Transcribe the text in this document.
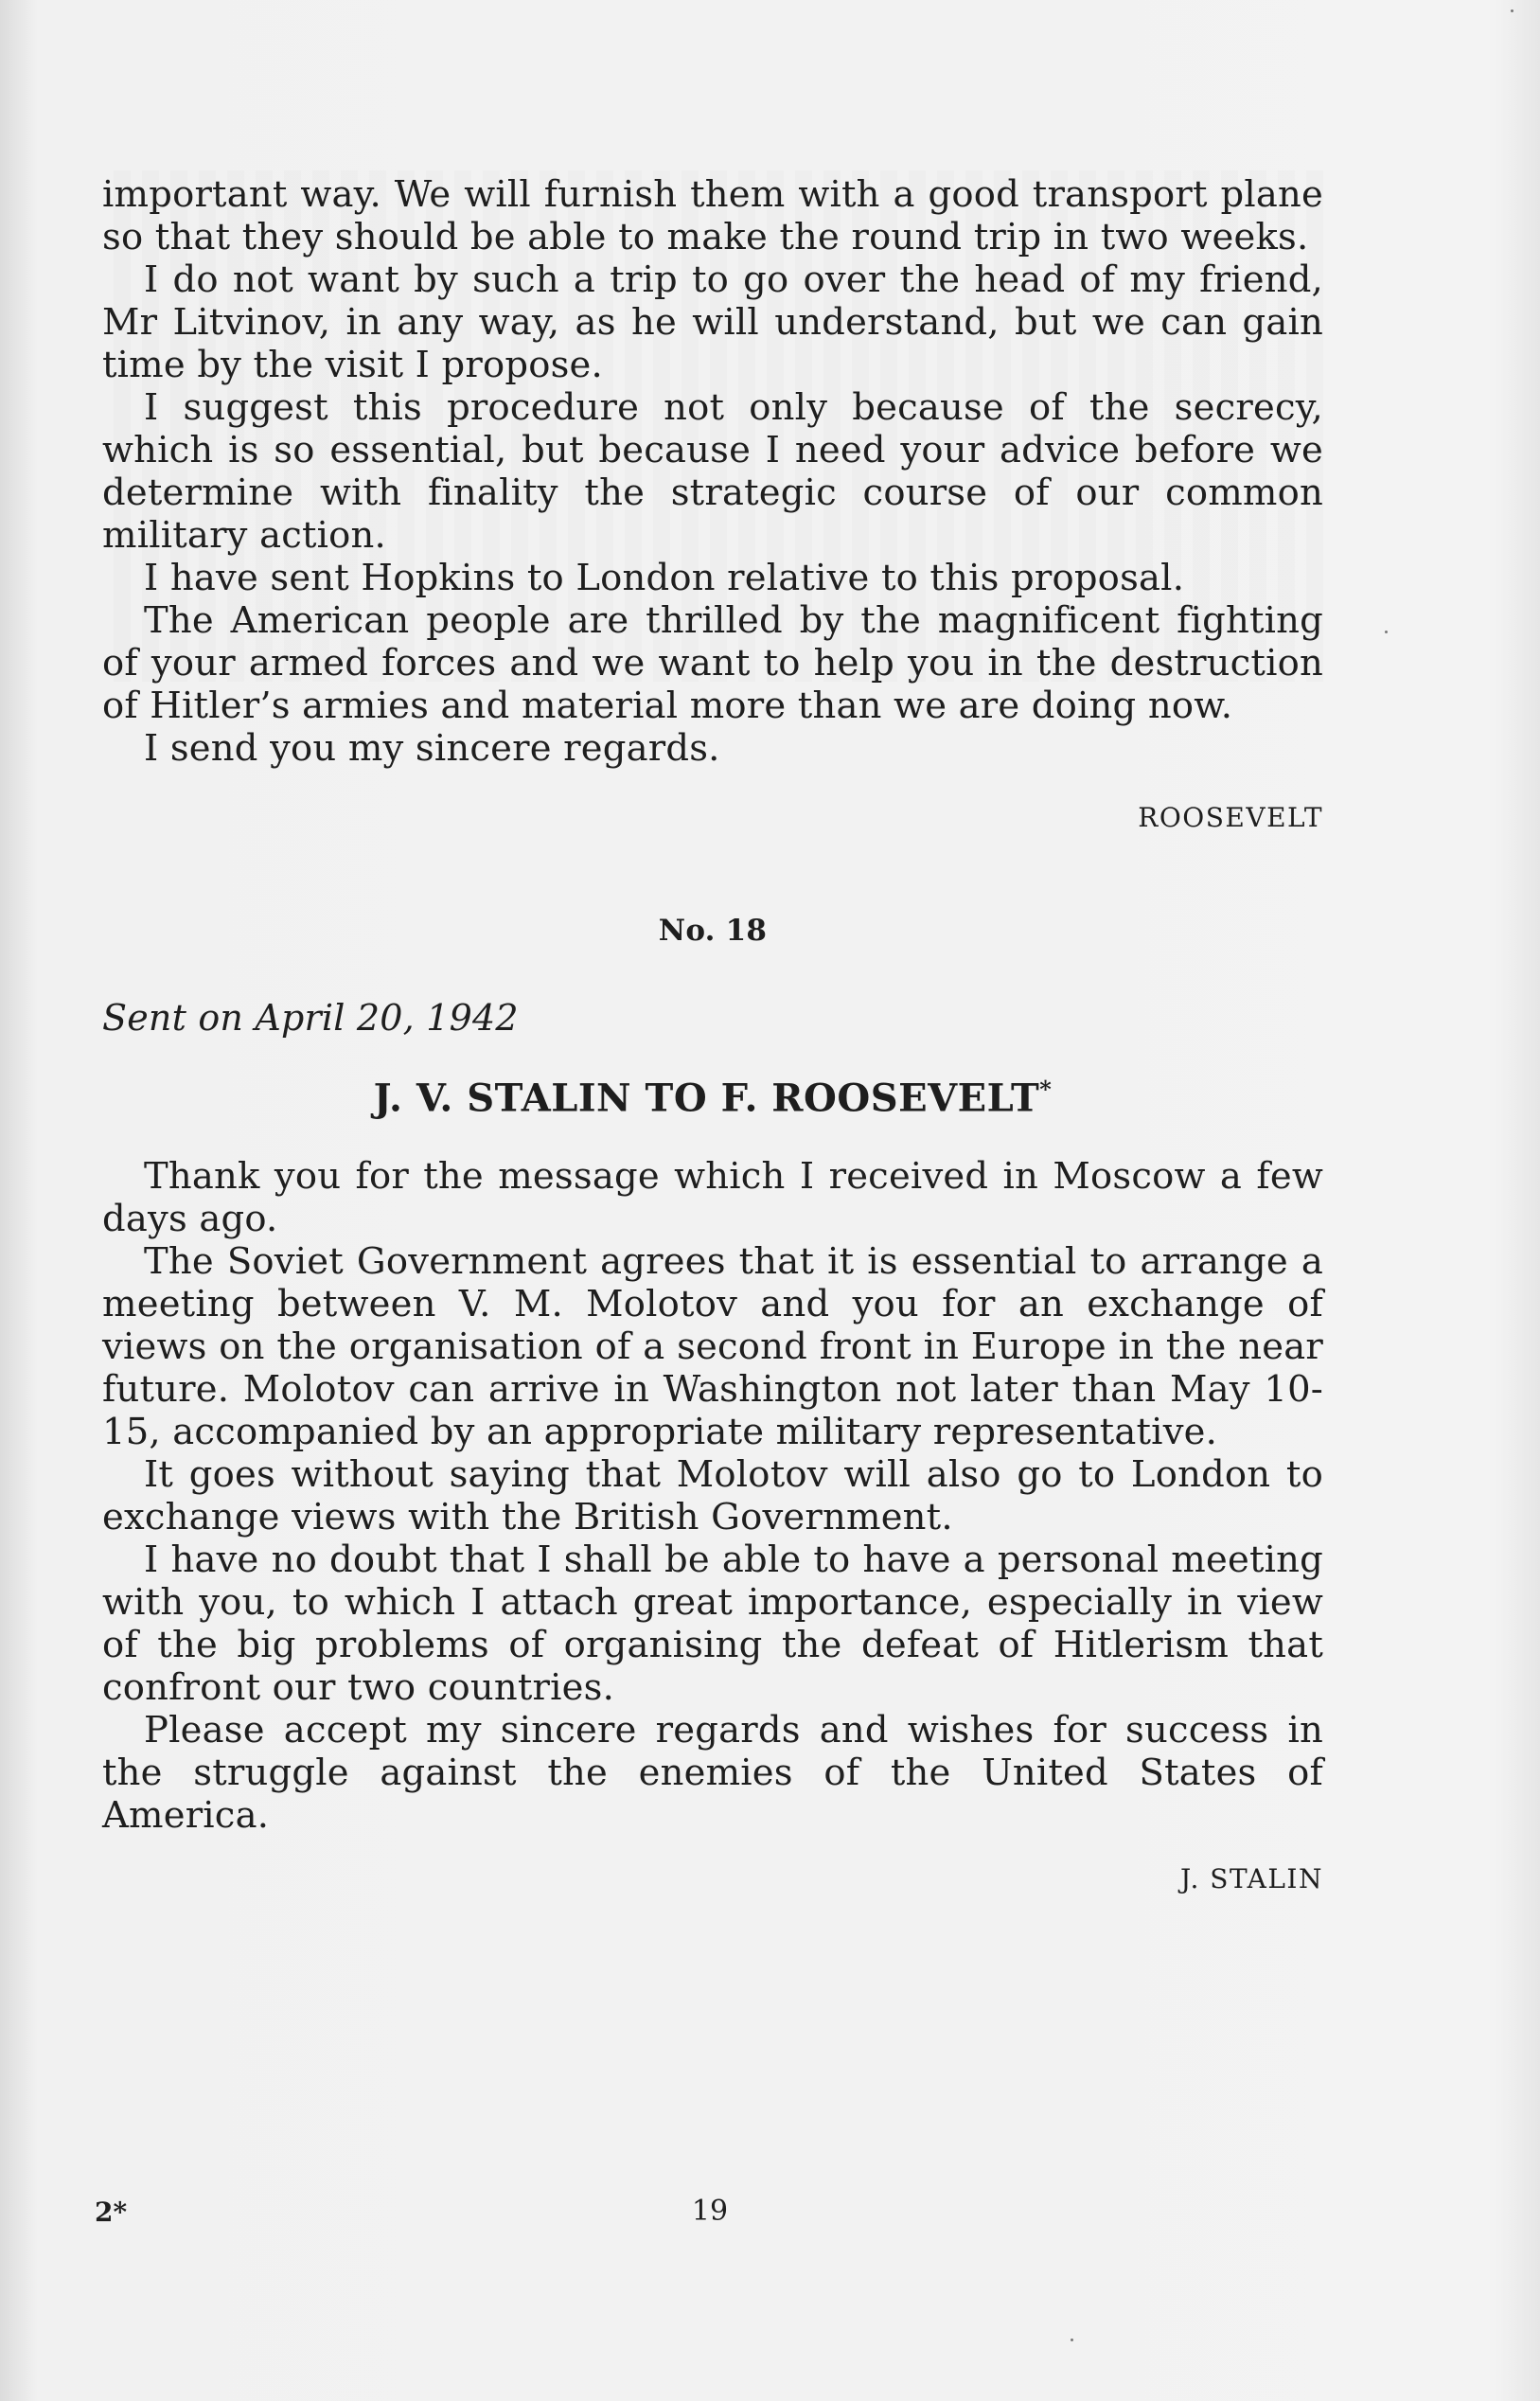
important way. We will furnish them with a good transport plane so that they should be able to make the round trip in two weeks.

I do not want by such a trip to go over the head of my friend, Mr Litvinov, in any way, as he will understand, but we can gain time by the visit I propose.

I suggest this procedure not only because of the secrecy, which is so essential, but because I need your advice before we determine with finality the strategic course of our common military action.

I have sent Hopkins to London relative to this proposal.

The American people are thrilled by the magnificent fighting of your armed forces and we want to help you in the destruction of Hitler’s armies and material more than we are doing now.

I send you my sincere regards.

ROOSEVELT
No. 18
Sent on April 20, 1942
J. V. STALIN TO F. ROOSEVELT*

Thank you for the message which I received in Moscow a few days ago.

The Soviet Government agrees that it is essential to arrange a meeting between V. M. Molotov and you for an exchange of views on the organisation of a second front in Europe in the near future. Molotov can arrive in Washington not later than May 10-15, accompanied by an appropriate military representative.

It goes without saying that Molotov will also go to London to exchange views with the British Government.

I have no doubt that I shall be able to have a personal meeting with you, to which I attach great importance, especially in view of the big problems of organising the defeat of Hitlerism that confront our two countries.

Please accept my sincere regards and wishes for success in the struggle against the enemies of the United States of America.

J. STALIN
2*	19
